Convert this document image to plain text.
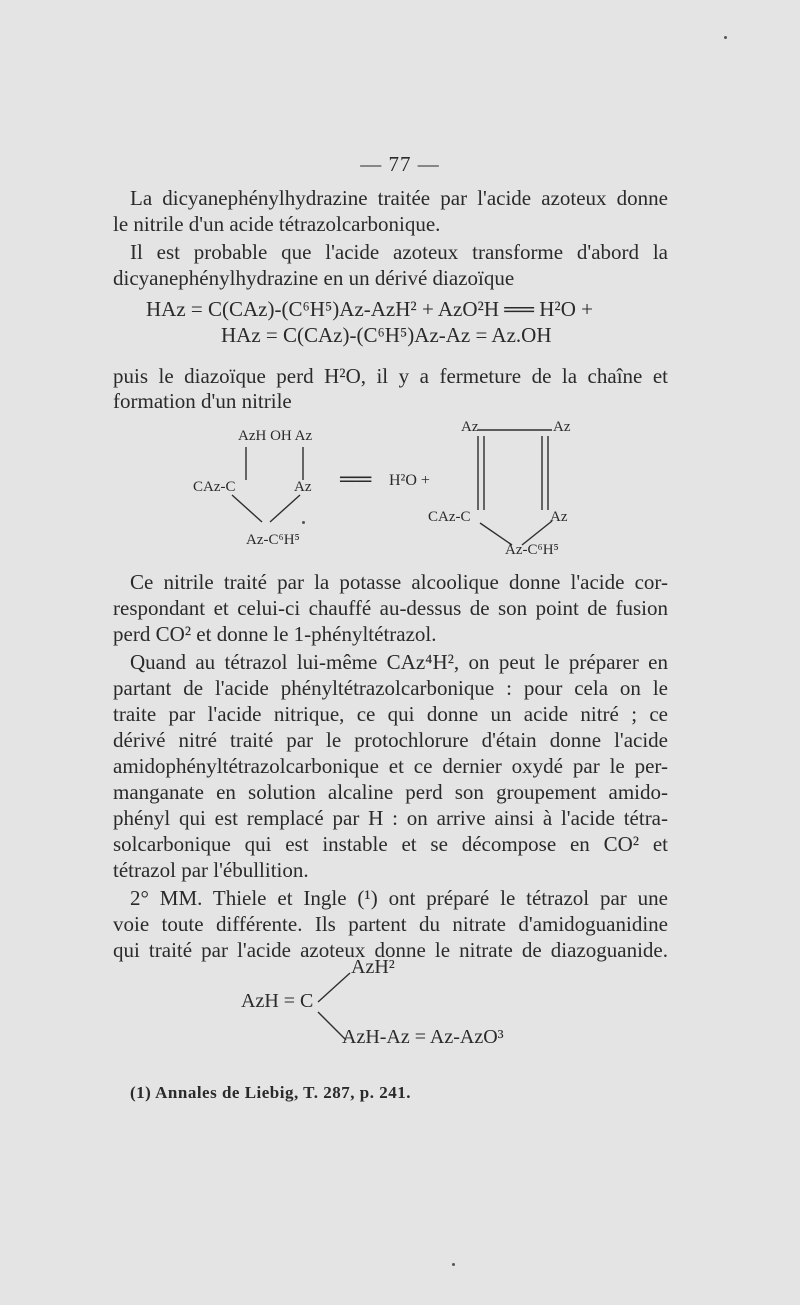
— 77 —
La dicyanephénylhydrazine traitée par l'acide azoteux donne
le nitrile d'un acide tétrazolcarbonique.
Il est probable que l'acide azoteux transforme d'abord la
dicyanephénylhydrazine en un dérivé diazoïque
HAz = C(CAz)-(C⁶H⁵)Az-AzH² + AzO²H ══ H²O +
HAz = C(CAz)-(C⁶H⁵)Az-Az = Az.OH
puis le diazoïque perd H²O, il y a fermeture de la chaîne et
formation d'un nitrile
AzH OH Az
CAz-C	Az
Az-C⁶H⁵
══ H²O +
Az	Az
CAz-C	Az
Az-C⁶H⁵
Ce nitrile traité par la potasse alcoolique donne l'acide cor-
respondant et celui-ci chauffé au-dessus de son point de fusion
perd CO² et donne le 1-phényltétrazol.
Quand au tétrazol lui-même CAz⁴H², on peut le préparer en
partant de l'acide phényltétrazolcarbonique : pour cela on le
traite par l'acide nitrique, ce qui donne un acide nitré ; ce
dérivé nitré traité par le protochlorure d'étain donne l'acide
amidophényltétrazolcarbonique et ce dernier oxydé par le per-
manganate en solution alcaline perd son groupement amido-
phényl qui est remplacé par H : on arrive ainsi à l'acide tétra-
solcarbonique qui est instable et se décompose en CO² et
tétrazol par l'ébullition.
2° MM. Thiele et Ingle (¹) ont préparé le tétrazol par une
voie toute différente. Ils partent du nitrate d'amidoguanidine
qui traité par l'acide azoteux donne le nitrate de diazoguanide.
AzH²
AzH = C
AzH-Az = Az-AzO³
(1) Annales de Liebig, T. 287, p. 241.
